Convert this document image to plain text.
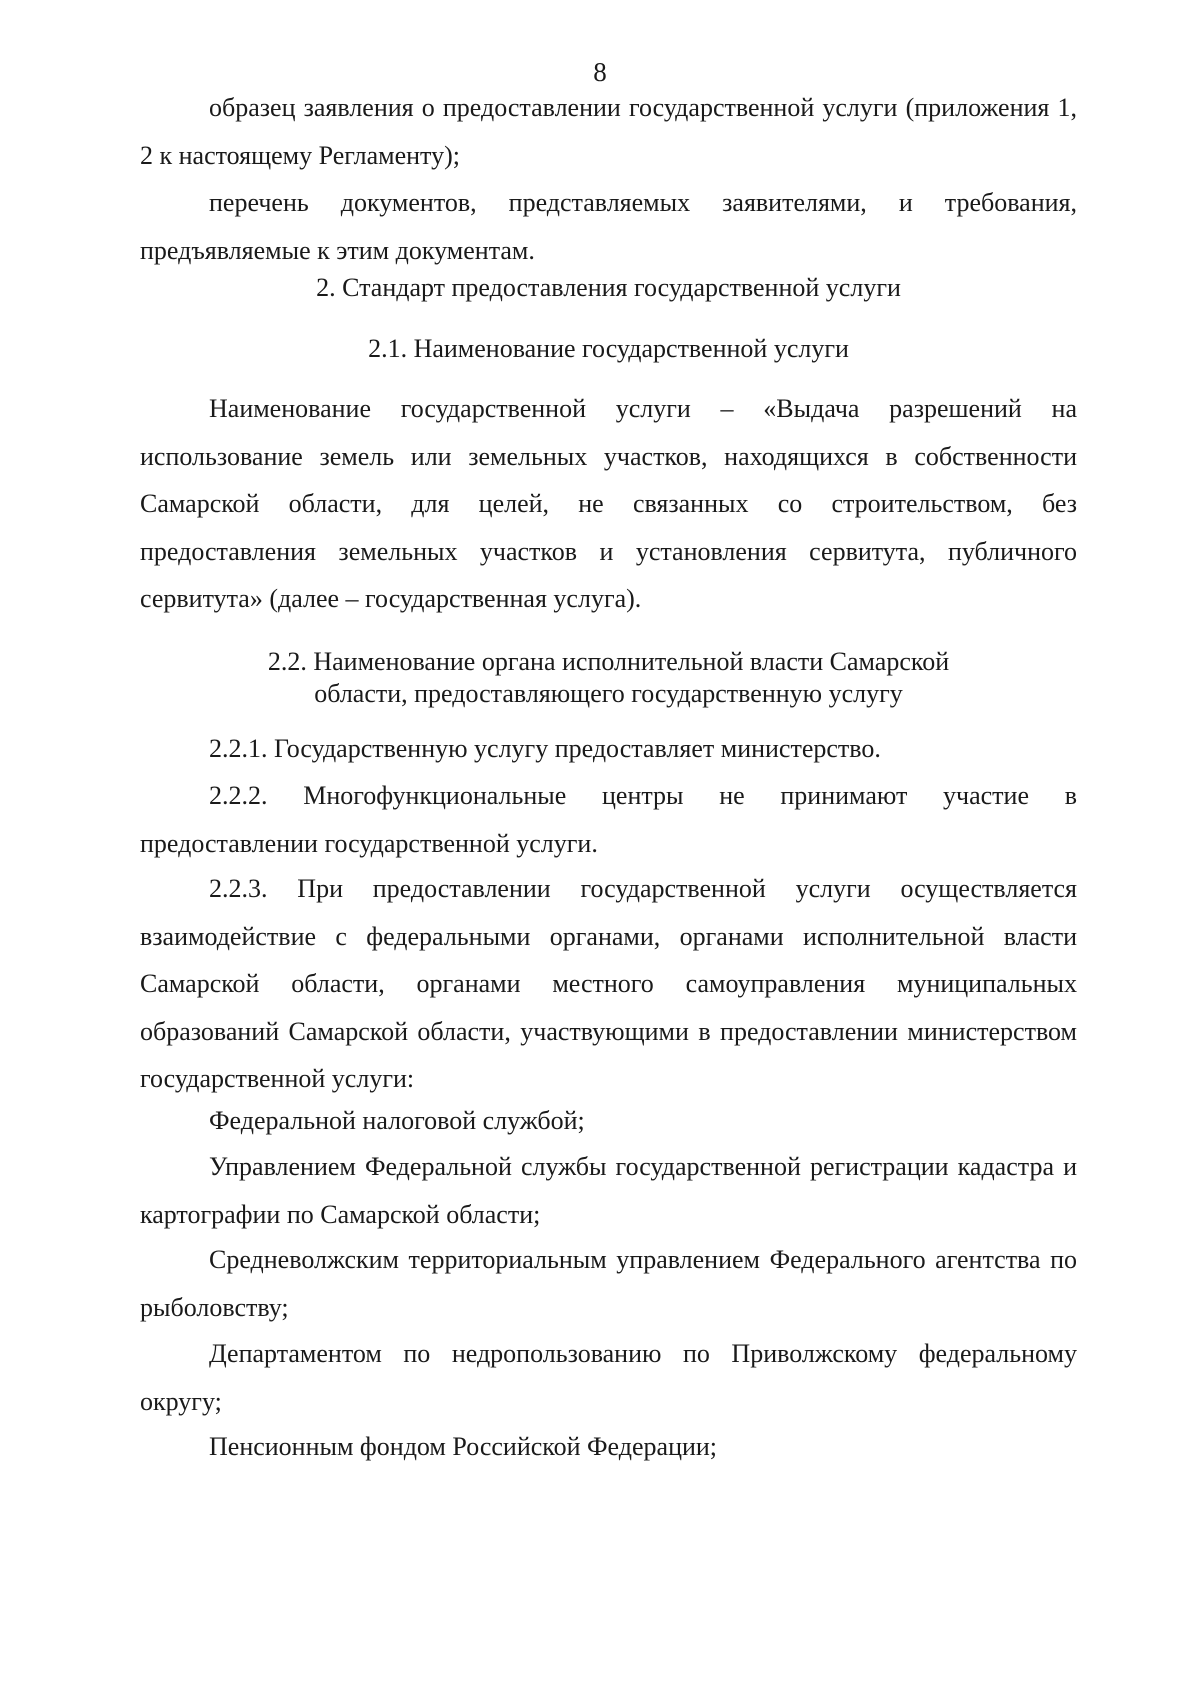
8

образец заявления о предоставлении государственной услуги (приложения 1, 2 к настоящему Регламенту);

перечень документов, представляемых заявителями, и требования, предъявляемые к этим документам.

2. Стандарт предоставления государственной услуги

2.1. Наименование государственной услуги

Наименование государственной услуги – «Выдача разрешений на использование земель или земельных участков, находящихся в собственности Самарской области, для целей, не связанных со строительством, без предоставления земельных участков и установления сервитута, публичного сервитута» (далее – государственная услуга).

2.2. Наименование органа исполнительной власти Самарской
области, предоставляющего государственную услугу

2.2.1. Государственную услугу предоставляет министерство.

2.2.2. Многофункциональные центры не принимают участие в предоставлении государственной услуги.

2.2.3. При предоставлении государственной услуги осуществляется взаимодействие с федеральными органами, органами исполнительной власти Самарской области, органами местного самоуправления муниципальных образований Самарской области, участвующими в предоставлении министерством государственной услуги:

Федеральной налоговой службой;

Управлением Федеральной службы государственной регистрации кадастра и картографии по Самарской области;

Средневолжским территориальным управлением Федерального агентства по рыболовству;

Департаментом по недропользованию по Приволжскому федеральному округу;

Пенсионным фондом Российской Федерации;
